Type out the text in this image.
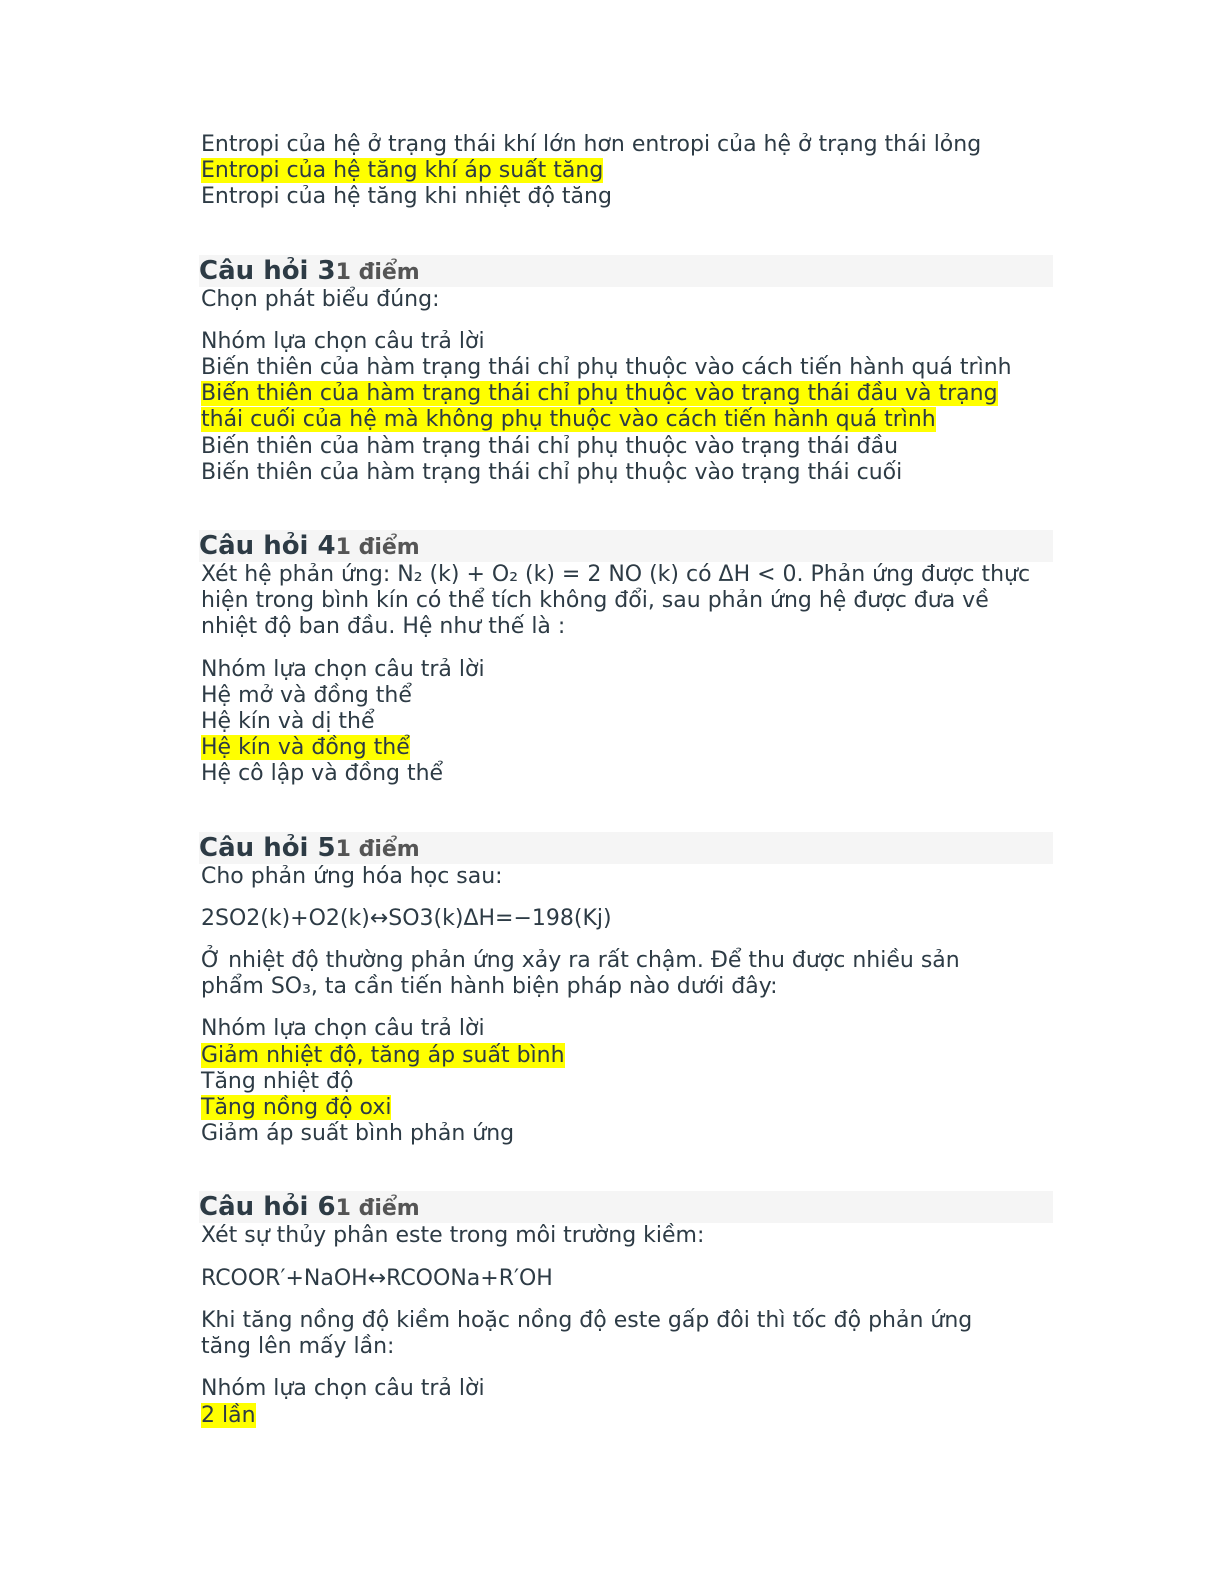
Entropi của hệ ở trạng thái khí lớn hơn entropi của hệ ở trạng thái lỏng
Entropi của hệ tăng khí áp suất tăng
Entropi của hệ tăng khi nhiệt độ tăng
Câu hỏi 31 điểm
Chọn phát biểu đúng:
Nhóm lựa chọn câu trả lời
Biến thiên của hàm trạng thái chỉ phụ thuộc vào cách tiến hành quá trình
Biến thiên của hàm trạng thái chỉ phụ thuộc vào trạng thái đầu và trạng
thái cuối của hệ mà không phụ thuộc vào cách tiến hành quá trình
Biến thiên của hàm trạng thái chỉ phụ thuộc vào trạng thái đầu
Biến thiên của hàm trạng thái chỉ phụ thuộc vào trạng thái cuối
Câu hỏi 41 điểm
Xét hệ phản ứng: N₂ (k) + O₂ (k) = 2 NO (k) có ΔH < 0. Phản ứng được thực
hiện trong bình kín có thể tích không đổi, sau phản ứng hệ được đưa về
nhiệt độ ban đầu. Hệ như thế là :
Nhóm lựa chọn câu trả lời
Hệ mở và đồng thể
Hệ kín và dị thể
Hệ kín và đồng thể
Hệ cô lập và đồng thể
Câu hỏi 51 điểm
Cho phản ứng hóa học sau:
2SO2(k)+O2(k)↔SO3(k)ΔH=−198(Kj)
Ở nhiệt độ thường phản ứng xảy ra rất chậm. Để thu được nhiều sản
phẩm SO₃, ta cần tiến hành biện pháp nào dưới đây:
Nhóm lựa chọn câu trả lời
Giảm nhiệt độ, tăng áp suất bình
Tăng nhiệt độ
Tăng nồng độ oxi
Giảm áp suất bình phản ứng
Câu hỏi 61 điểm
Xét sự thủy phân este trong môi trường kiềm:
RCOOR′+NaOH↔RCOONa+R′OH
Khi tăng nồng độ kiềm hoặc nồng độ este gấp đôi thì tốc độ phản ứng
tăng lên mấy lần:
Nhóm lựa chọn câu trả lời
2 lần
